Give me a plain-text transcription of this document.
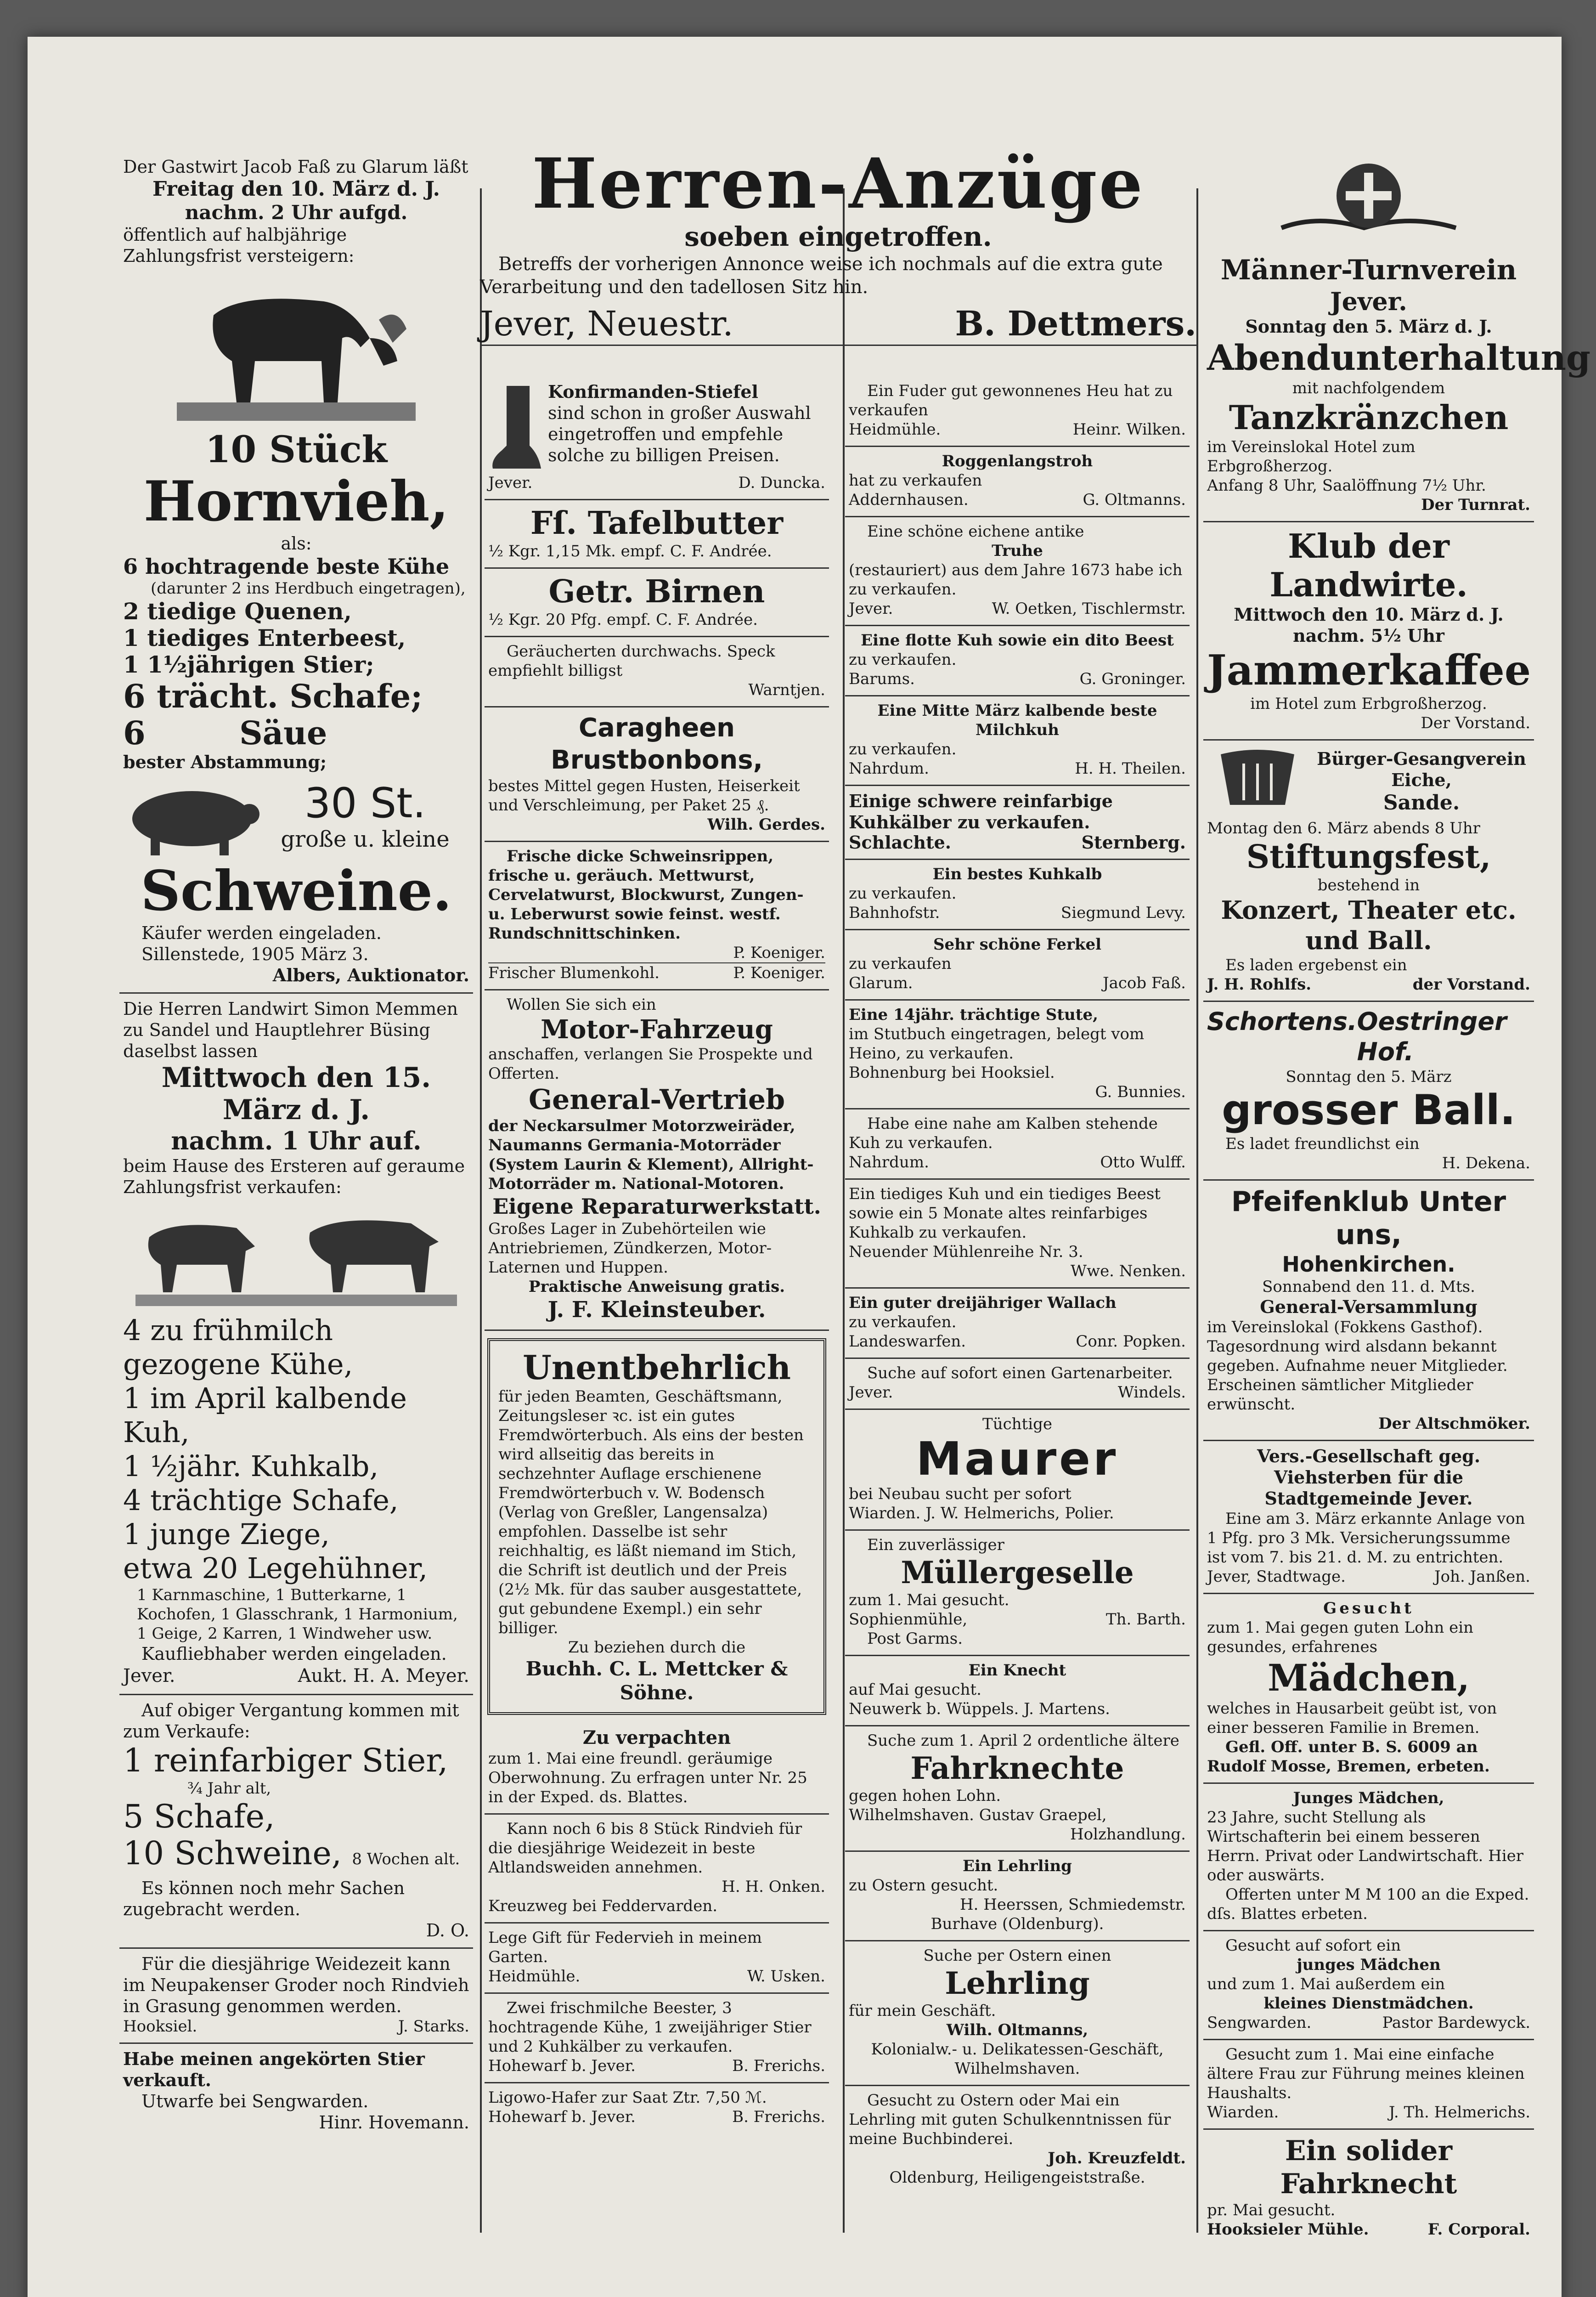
Der Gastwirt Jacob Faß zu Glarum läßt

Freitag den 10. März d. J.

nachm. 2 Uhr aufgd.

öffentlich auf halbjährige Zahlungsfrist versteigern:

10 Stück

Hornvieh,

als:

6 hochtragende beste Kühe

(darunter 2 ins Herdbuch eingetragen),

2 tiedige Quenen,

1 tiediges Enterbeest,

1 1½jährigen Stier;

6 trächt. Schafe;

6	Säue

bester Abstammung;

30 St.

große u. kleine

Schweine.

Käufer werden eingeladen.

Sillenstede, 1905 März 3.

Albers, Auktionator.

Die Herren Landwirt Simon Memmen zu Sandel und Hauptlehrer Büsing daselbst lassen

Mittwoch den 15. März d. J.

nachm. 1 Uhr auf.

beim Hause des Ersteren auf geraume Zahlungsfrist verkaufen:

4 zu frühmilch gezogene Kühe,

1 im April kalbende Kuh,

1 ½jähr. Kuhkalb,

4 trächtige Schafe,

1 junge Ziege,

etwa 20 Legehühner,

1 Karnmaschine, 1 Butterkarne, 1 Kochofen, 1 Glasschrank, 1 Harmonium, 1 Geige, 2 Karren, 1 Windweher usw.

Kaufliebhaber werden eingeladen.

Jever.	Aukt. H. A. Meyer.

Auf obiger Vergantung kommen mit zum Verkaufe:

1 reinfarbiger Stier,

¾ Jahr alt,

5 Schafe,

10 Schweine, 8 Wochen alt.

Es können noch mehr Sachen zugebracht werden.

D. O.

Für die diesjährige Weidezeit kann im Neupakenser Groder noch Rindvieh in Grasung genommen werden.

Hooksiel.	J. Starks.

Habe meinen angekörten Stier verkauft.

Utwarfe bei Sengwarden.

Hinr. Hovemann.

Herren-Anzüge

soeben eingetroffen.

Betreffs der vorherigen Annonce weise ich nochmals auf die extra gute Verarbeitung und den tadellosen Sitz hin.

Jever, Neuestr.	B. Dettmers.

Konfirmanden-Stiefel

sind schon in großer Auswahl eingetroffen und empfehle solche zu billigen Preisen.

Jever.	D. Duncka.

Fſ. Tafelbutter

½ Kgr. 1,15 Mk. empf. C. F. Andrée.

Getr. Birnen

½ Kgr. 20 Pfg. empf. C. F. Andrée.

Geräucherten durchwachs. Speck empfiehlt billigst

Warntjen.

Caragheen Brustbonbons,

bestes Mittel gegen Husten, Heiserkeit und Verschleimung, per Paket 25 ₰.

Wilh. Gerdes.

Frische dicke Schweinsrippen, frische u. geräuch. Mettwurst, Cervelatwurst, Blockwurst, Zungen- u. Leberwurst sowie feinst. westf. Rundschnittschinken.

P. Koeniger.

Frischer Blumenkohl.	P. Koeniger.

Wollen Sie sich ein

Motor-Fahrzeug

anschaffen, verlangen Sie Prospekte und Offerten.

General-Vertrieb

der Neckarsulmer Motorzweiräder, Naumanns Germania-Motorräder (System Laurin & Klement), Allright-Motorräder m. National-Motoren.

Eigene Reparaturwerkstatt.

Großes Lager in Zubehörteilen wie Antriebriemen, Zündkerzen, Motor-Laternen und Huppen.

Praktische Anweisung gratis.

J. F. Kleinsteuber.

Unentbehrlich

für jeden Beamten, Geschäftsmann, Zeitungsleser ꝛc. ist ein gutes Fremdwörterbuch. Als eins der besten wird allseitig das bereits in sechzehnter Auflage erschienene Fremdwörterbuch v. W. Bodensch (Verlag von Greßler, Langensalza) empfohlen. Dasselbe ist sehr reichhaltig, es läßt niemand im Stich, die Schrift ist deutlich und der Preis (2½ Mk. für das sauber ausgestattete, gut gebundene Exempl.) ein sehr billiger.

Zu beziehen durch die

Buchh. C. L. Mettcker & Söhne.

Zu verpachten

zum 1. Mai eine freundl. geräumige Oberwohnung. Zu erfragen unter Nr. 25 in der Exped. ds. Blattes.

Kann noch 6 bis 8 Stück Rindvieh für die diesjährige Weidezeit in beste Altlandsweiden annehmen.

H. H. Onken.

Kreuzweg bei Feddervarden.

Lege Gift für Federvieh in meinem Garten.

Heidmühle.	W. Usken.

Zwei frischmilche Beester, 3 hochtragende Kühe, 1 zweijähriger Stier und 2 Kuhkälber zu verkaufen.

Hohewarf b. Jever.	B. Frerichs.

Ligowo-Hafer zur Saat Ztr. 7,50 ℳ.

Hohewarf b. Jever.	B. Frerichs.

Ein Fuder gut gewonnenes Heu hat zu verkaufen

Heidmühle.	Heinr. Wilken.

Roggenlangstroh

hat zu verkaufen

Addernhausen.	G. Oltmanns.

Eine schöne eichene antike

Truhe

(restauriert) aus dem Jahre 1673 habe ich zu verkaufen.

Jever.	W. Oetken, Tischlermstr.

Eine flotte Kuh sowie ein dito Beest

zu verkaufen.

Barums.	G. Groninger.

Eine Mitte März kalbende beste Milchkuh

zu verkaufen.

Nahrdum.	H. H. Theilen.

Einige schwere reinfarbige Kuhkälber zu verkaufen.

Schlachte.	Sternberg.

Ein bestes Kuhkalb

zu verkaufen.

Bahnhofstr.	Siegmund Levy.

Sehr schöne Ferkel

zu verkaufen

Glarum.	Jacob Faß.

Eine 14jähr. trächtige Stute,

im Stutbuch eingetragen, belegt vom Heino, zu verkaufen.

Bohnenburg bei Hooksiel.

G. Bunnies.

Habe eine nahe am Kalben stehende Kuh zu verkaufen.

Nahrdum.	Otto Wulff.

Ein tiediges Kuh und ein tiediges Beest sowie ein 5 Monate altes reinfarbiges Kuhkalb zu verkaufen.

Neuender Mühlenreihe Nr. 3.

Wwe. Nenken.

Ein guter dreijähriger Wallach

zu verkaufen.

Landeswarfen.	Conr. Popken.

Suche auf sofort einen Gartenarbeiter.

Jever.	Windels.

Tüchtige

Maurer

bei Neubau sucht per sofort

Wiarden. J. W. Helmerichs, Polier.

Ein zuverlässiger

Müllergeselle

zum 1. Mai gesucht.

Sophienmühle,	Th. Barth.

Post Garms.

Ein Knecht

auf Mai gesucht.

Neuwerk b. Wüppels. J. Martens.

Suche zum 1. April 2 ordentliche ältere

Fahrknechte

gegen hohen Lohn.

Wilhelmshaven. Gustav Graepel,

Holzhandlung.

Ein Lehrling

zu Ostern gesucht.

H. Heerssen, Schmiedemstr.

Burhave (Oldenburg).

Suche per Ostern einen

Lehrling

für mein Geschäft.

Wilh. Oltmanns,

Kolonialw.- u. Delikatessen-Geschäft,

Wilhelmshaven.

Gesucht zu Ostern oder Mai ein Lehrling mit guten Schulkenntnissen für meine Buchbinderei.

Joh. Kreuzfeldt.

Oldenburg, Heiligengeiststraße.

Männer-Turnverein

Jever.

Sonntag den 5. März d. J.

Abendunterhaltung

mit nachfolgendem

Tanzkränzchen

im Vereinslokal Hotel zum Erbgroßherzog.

Anfang 8 Uhr, Saalöffnung 7½ Uhr.

Der Turnrat.

Klub der Landwirte.

Mittwoch den 10. März d. J.

nachm. 5½ Uhr

Jammerkaffee

im Hotel zum Erbgroßherzog.

Der Vorstand.

Bürger-Gesangverein Eiche,

Sande.

Montag den 6. März abends 8 Uhr

Stiftungsfest,

bestehend in

Konzert, Theater etc. und Ball.

Es laden ergebenst ein

J. H. Rohlfs.	der Vorstand.
Schortens. Oestringer Hof.

Sonntag den 5. März

grosser Ball.

Es ladet freundlichst ein

H. Dekena.

Pfeifenklub Unter uns,

Hohenkirchen.

Sonnabend den 11. d. Mts.

General-Versammlung

im Vereinslokal (Fokkens Gasthof). Tagesordnung wird alsdann bekannt gegeben. Aufnahme neuer Mitglieder. Erscheinen sämtlicher Mitglieder erwünscht.

Der Altschmöker.

Vers.-Gesellschaft geg. Viehsterben für die Stadtgemeinde Jever.

Eine am 3. März erkannte Anlage von 1 Pfg. pro 3 Mk. Versicherungssumme ist vom 7. bis 21. d. M. zu entrichten.

Jever, Stadtwage.	Joh. Janßen.

Gesucht

zum 1. Mai gegen guten Lohn ein gesundes, erfahrenes

Mädchen,

welches in Hausarbeit geübt ist, von einer besseren Familie in Bremen.

Gefl. Off. unter B. S. 6009 an Rudolf Mosse, Bremen, erbeten.

Junges Mädchen,

23 Jahre, sucht Stellung als Wirtschafterin bei einem besseren Herrn. Privat oder Landwirtschaft. Hier oder auswärts.

Offerten unter M M 100 an die Exped. dſs. Blattes erbeten.

Gesucht auf sofort ein

junges Mädchen

und zum 1. Mai außerdem ein

kleines Dienstmädchen.

Sengwarden.	Pastor Bardewyck.

Gesucht zum 1. Mai eine einfache ältere Frau zur Führung meines kleinen Haushalts.

Wiarden.	J. Th. Helmerichs.

Ein solider Fahrknecht

pr. Mai gesucht.

Hooksieler Mühle.	F. Corporal.
